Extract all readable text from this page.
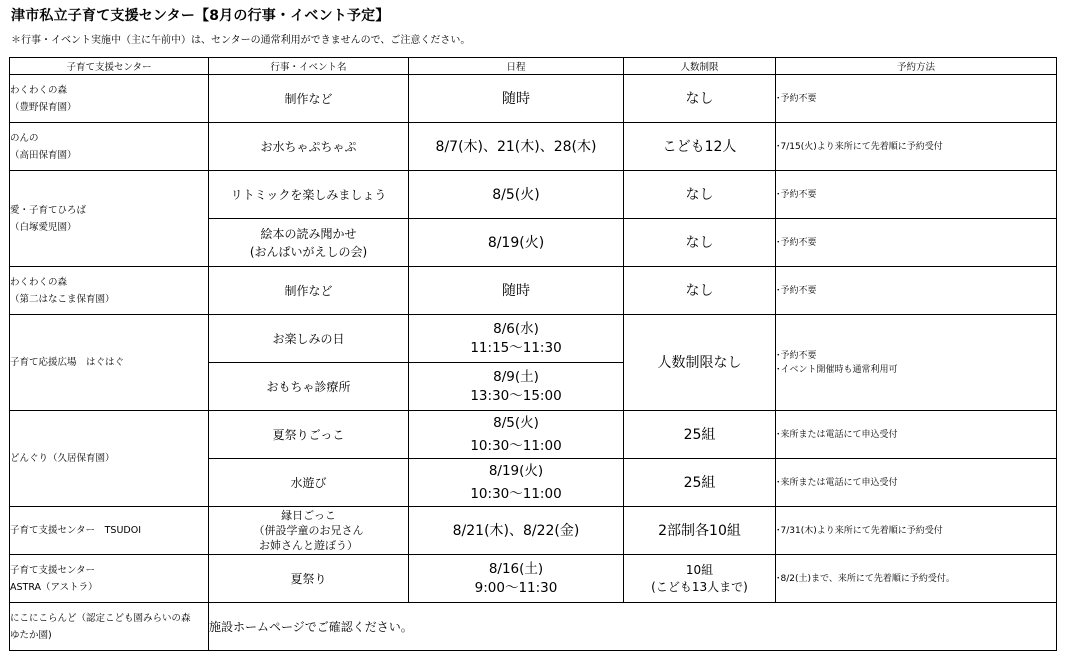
津市私立子育て支援センター【8月の行事・イベント予定】
＊行事・イベント実施中（主に午前中）は、センターの通常利用ができませんので、ご注意ください。
子育て支援センター	行事・イベント名	日程	人数制限	予約方法

わくわくの森
（豊野保育園）	制作など	随時	なし	･予約不要

のんの
（高田保育園）	お水ちゃぷちゃぷ	8/7(木)、21(木)、28(木)	こども12人	･7/15(火)より来所にて先着順に予約受付

愛・子育てひろば
（白塚愛児園）	リトミックを楽しみましょう	8/5(火)	なし	･予約不要

	絵本の読み聞かせ
(おんぱいがえしの会)	8/19(火)	なし	･予約不要

わくわくの森
（第二はなこま保育園）	制作など	随時	なし	･予約不要
子育て応援広場　はぐはぐ	お楽しみの日	8/6(水)
11:15～11:30	人数制限なし	･予約不要
･イベント開催時も通常利用可

	おもちゃ診療所	8/9(土)
13:30～15:00		

どんぐり（久居保育園）	夏祭りごっこ	8/5(火)
10:30～11:00	25組	･来所または電話にて申込受付
	水遊び	8/19(火)
10:30～11:00	25組	･来所または電話にて申込受付
子育て支援センター　TSUDOI	縁日ごっこ
（併設学童のお兄さん
お姉さんと遊ぼう）	8/21(木)、8/22(金)	2部制各10組	･7/31(木)より来所にて先着順に予約受付

子育て支援センター
ASTRA（アストラ）	夏祭り	8/16(土)
9:00～11:30	10組
(こども13人まで)	･8/2(土)まで、来所にて先着順に予約受付。

にこにこらんど（認定こども園みらいの森
ゆたか園)	施設ホームページでご確認ください。			
